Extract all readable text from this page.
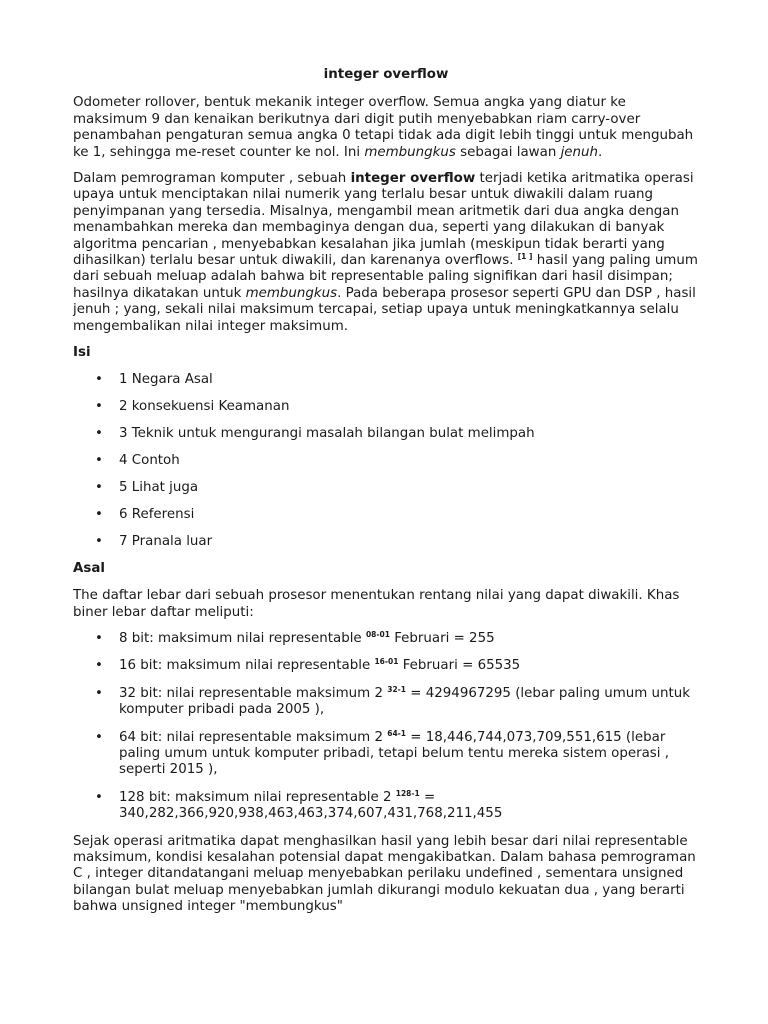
integer overflow

Odometer rollover, bentuk mekanik integer overflow. Semua angka yang diatur ke maksimum 9 dan kenaikan berikutnya dari digit putih menyebabkan riam carry-over penambahan pengaturan semua angka 0 tetapi tidak ada digit lebih tinggi untuk mengubah ke 1, sehingga me-reset counter ke nol. Ini membungkus sebagai lawan jenuh.

Dalam pemrograman komputer , sebuah integer overflow terjadi ketika aritmatika operasi upaya untuk menciptakan nilai numerik yang terlalu besar untuk diwakili dalam ruang penyimpanan yang tersedia. Misalnya, mengambil mean aritmetik dari dua angka dengan menambahkan mereka dan membaginya dengan dua, seperti yang dilakukan di banyak algoritma pencarian , menyebabkan kesalahan jika jumlah (meskipun tidak berarti yang dihasilkan) terlalu besar untuk diwakili, dan karenanya overflows. [1 ] hasil yang paling umum dari sebuah meluap adalah bahwa bit representable paling signifikan dari hasil disimpan; hasilnya dikatakan untuk membungkus. Pada beberapa prosesor seperti GPU dan DSP , hasil jenuh ; yang, sekali nilai maksimum tercapai, setiap upaya untuk meningkatkannya selalu mengembalikan nilai integer maksimum.

Isi
• 1 Negara Asal
• 2 konsekuensi Keamanan
• 3 Teknik untuk mengurangi masalah bilangan bulat melimpah
• 4 Contoh
• 5 Lihat juga
• 6 Referensi
• 7 Pranala luar
Asal

The daftar lebar dari sebuah prosesor menentukan rentang nilai yang dapat diwakili. Khas biner lebar daftar meliputi:

• 8 bit: maksimum nilai representable $^{08-01}$ Februari = 255
• 16 bit: maksimum nilai representable $^{16-01}$ Februari = 65535
• 32 bit: nilai representable maksimum 2 $^{32-1}$ = 4294967295 (lebar paling umum untuk komputer pribadi pada 2005 ),
• 64 bit: nilai representable maksimum 2 $^{64-1}$ = 18,446,744,073,709,551,615 (lebar paling umum untuk komputer pribadi, tetapi belum tentu mereka sistem operasi , seperti 2015 ),
• 128 bit: maksimum nilai representable 2 $^{128-1}$ = 340,282,366,920,938,463,463,374,607,431,768,211,455

Sejak operasi aritmatika dapat menghasilkan hasil yang lebih besar dari nilai representable maksimum, kondisi kesalahan potensial dapat mengakibatkan. Dalam bahasa pemrograman C , integer ditandatangani meluap menyebabkan perilaku undefined , sementara unsigned bilangan bulat meluap menyebabkan jumlah dikurangi modulo kekuatan dua , yang berarti bahwa unsigned integer "membungkus"
